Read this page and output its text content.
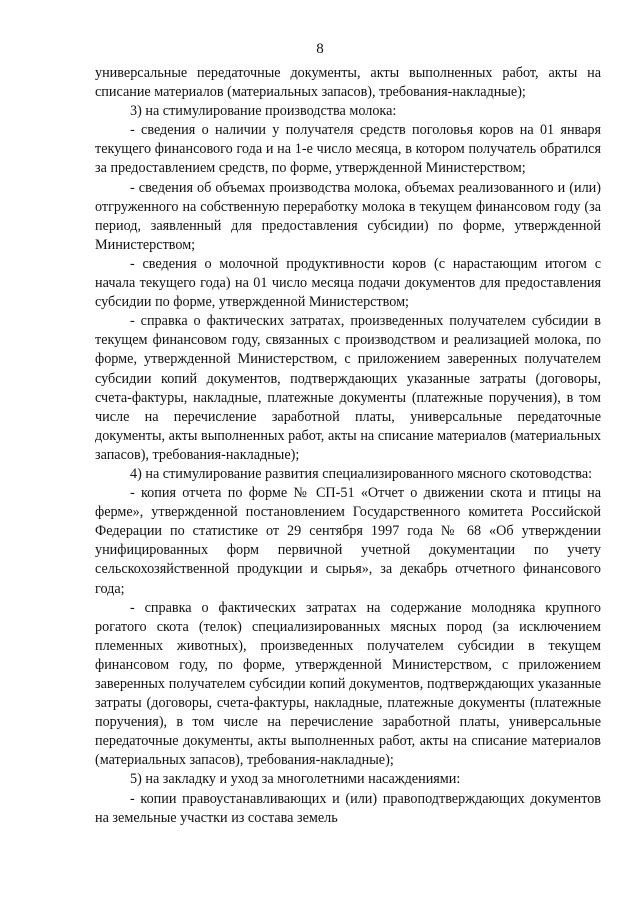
8

универсальные передаточные документы, акты выполненных работ, акты на списание материалов (материальных запасов), требования-накладные);

3) на стимулирование производства молока:

- сведения о наличии у получателя средств поголовья коров на 01 января текущего финансового года и на 1-е число месяца, в котором получатель обратился за предоставлением средств, по форме, утвержденной Министерством;

- сведения об объемах производства молока, объемах реализованного и (или) отгруженного на собственную переработку молока в текущем финансовом году (за период, заявленный для предоставления субсидии) по форме, утвержденной Министерством;

- сведения о молочной продуктивности коров (с нарастающим итогом с начала текущего года) на 01 число месяца подачи документов для предоставления субсидии по форме, утвержденной Министерством;

- справка о фактических затратах, произведенных получателем субсидии в текущем финансовом году, связанных с производством и реализацией молока, по форме, утвержденной Министерством, с приложением заверенных получателем субсидии копий документов, подтверждающих указанные затраты (договоры, счета-фактуры, накладные, платежные документы (платежные поручения), в том числе на перечисление заработной платы, универсальные передаточные документы, акты выполненных работ, акты на списание материалов (материальных запасов), требования-накладные);

4) на стимулирование развития специализированного мясного скотоводства:

- копия отчета по форме № СП-51 «Отчет о движении скота и птицы на ферме», утвержденной постановлением Государственного комитета Российской Федерации по статистике от 29 сентября 1997 года № 68 «Об утверждении унифицированных форм первичной учетной документации по учету сельскохозяйственной продукции и сырья», за декабрь отчетного финансового года;

- справка о фактических затратах на содержание молодняка крупного рогатого скота (телок) специализированных мясных пород (за исключением племенных животных), произведенных получателем субсидии в текущем финансовом году, по форме, утвержденной Министерством, с приложением заверенных получателем субсидии копий документов, подтверждающих указанные затраты (договоры, счета-фактуры, накладные, платежные документы (платежные поручения), в том числе на перечисление заработной платы, универсальные передаточные документы, акты выполненных работ, акты на списание материалов (материальных запасов), требования-накладные);

5) на закладку и уход за многолетними насаждениями:

- копии правоустанавливающих и (или) правоподтверждающих документов на земельные участки из состава земель
